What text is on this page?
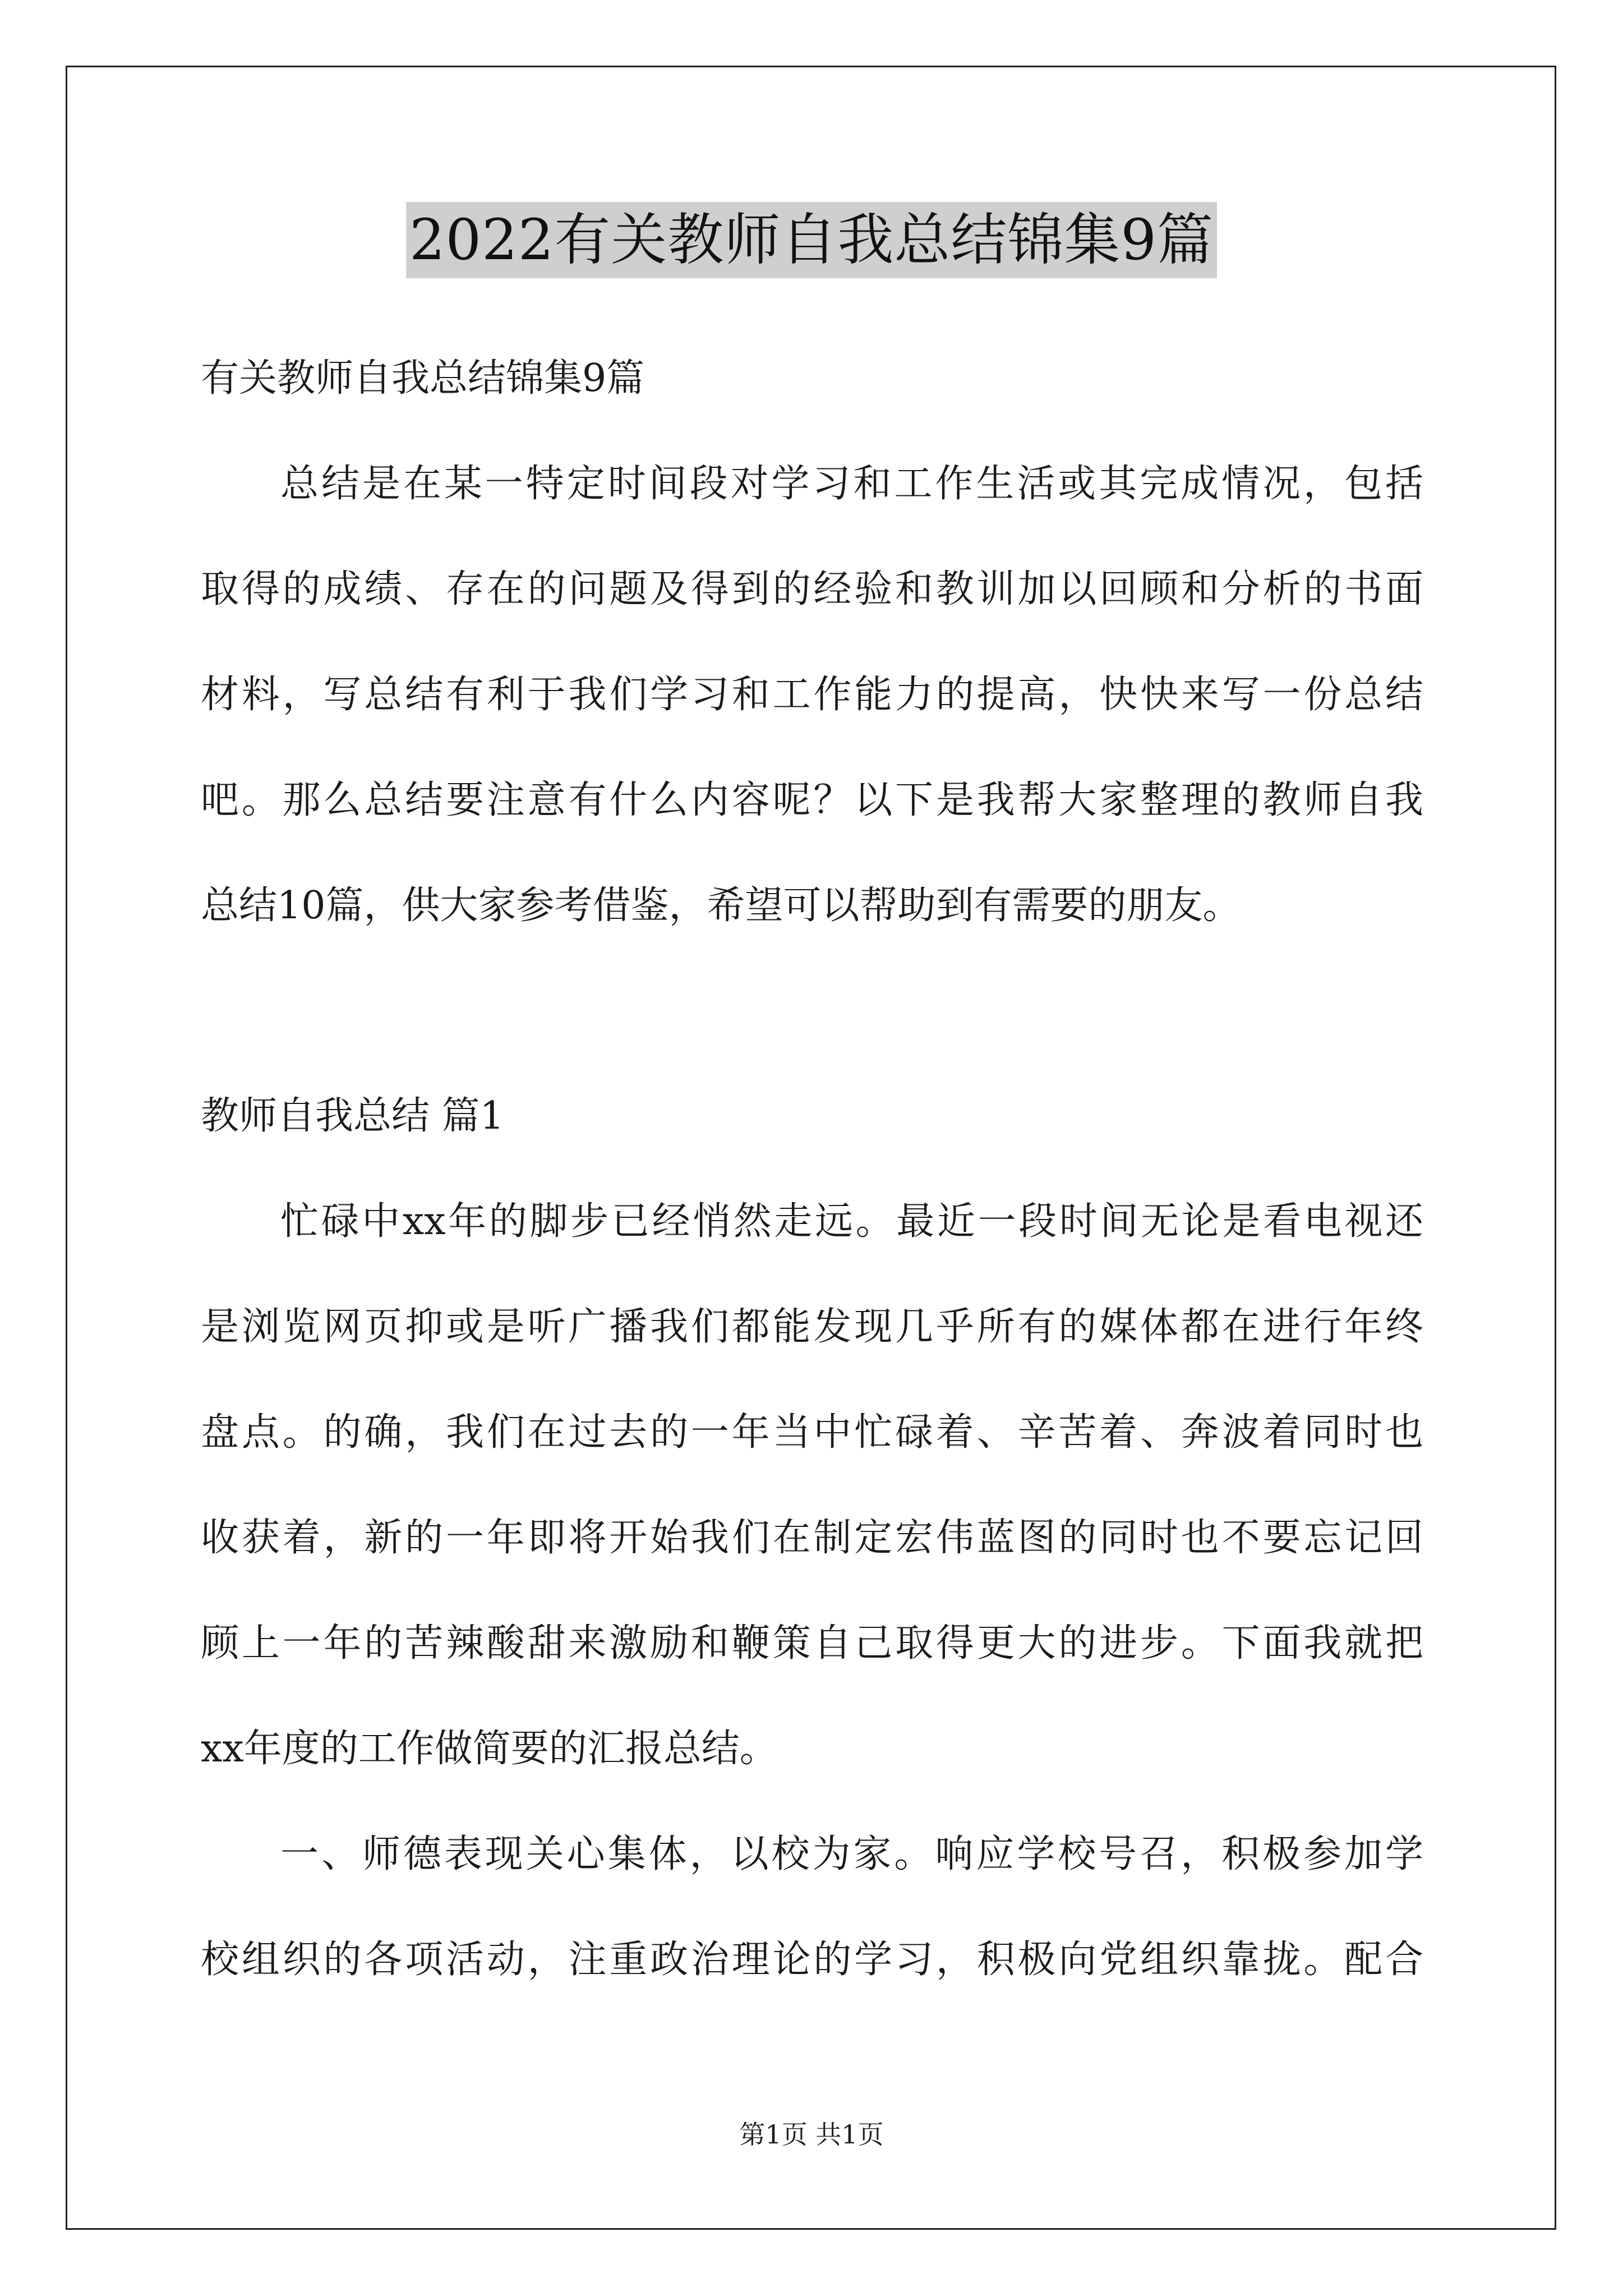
2022有关教师自我总结锦集9篇
有关教师自我总结锦集9篇
总结是在某一特定时间段对学习和工作生活或其完成情况，包括
取得的成绩、存在的问题及得到的经验和教训加以回顾和分析的书面
材料，写总结有利于我们学习和工作能力的提高，快快来写一份总结
吧。那么总结要注意有什么内容呢？以下是我帮大家整理的教师自我
总结10篇，供大家参考借鉴，希望可以帮助到有需要的朋友。
教师自我总结 篇1
忙碌中xx年的脚步已经悄然走远。最近一段时间无论是看电视还
是浏览网页抑或是听广播我们都能发现几乎所有的媒体都在进行年终
盘点。的确，我们在过去的一年当中忙碌着、辛苦着、奔波着同时也
收获着，新的一年即将开始我们在制定宏伟蓝图的同时也不要忘记回
顾上一年的苦辣酸甜来激励和鞭策自己取得更大的进步。下面我就把
xx年度的工作做简要的汇报总结。
一、师德表现关心集体，以校为家。响应学校号召，积极参加学
校组织的各项活动，注重政治理论的学习，积极向党组织靠拢。配合
第1页 共1页
